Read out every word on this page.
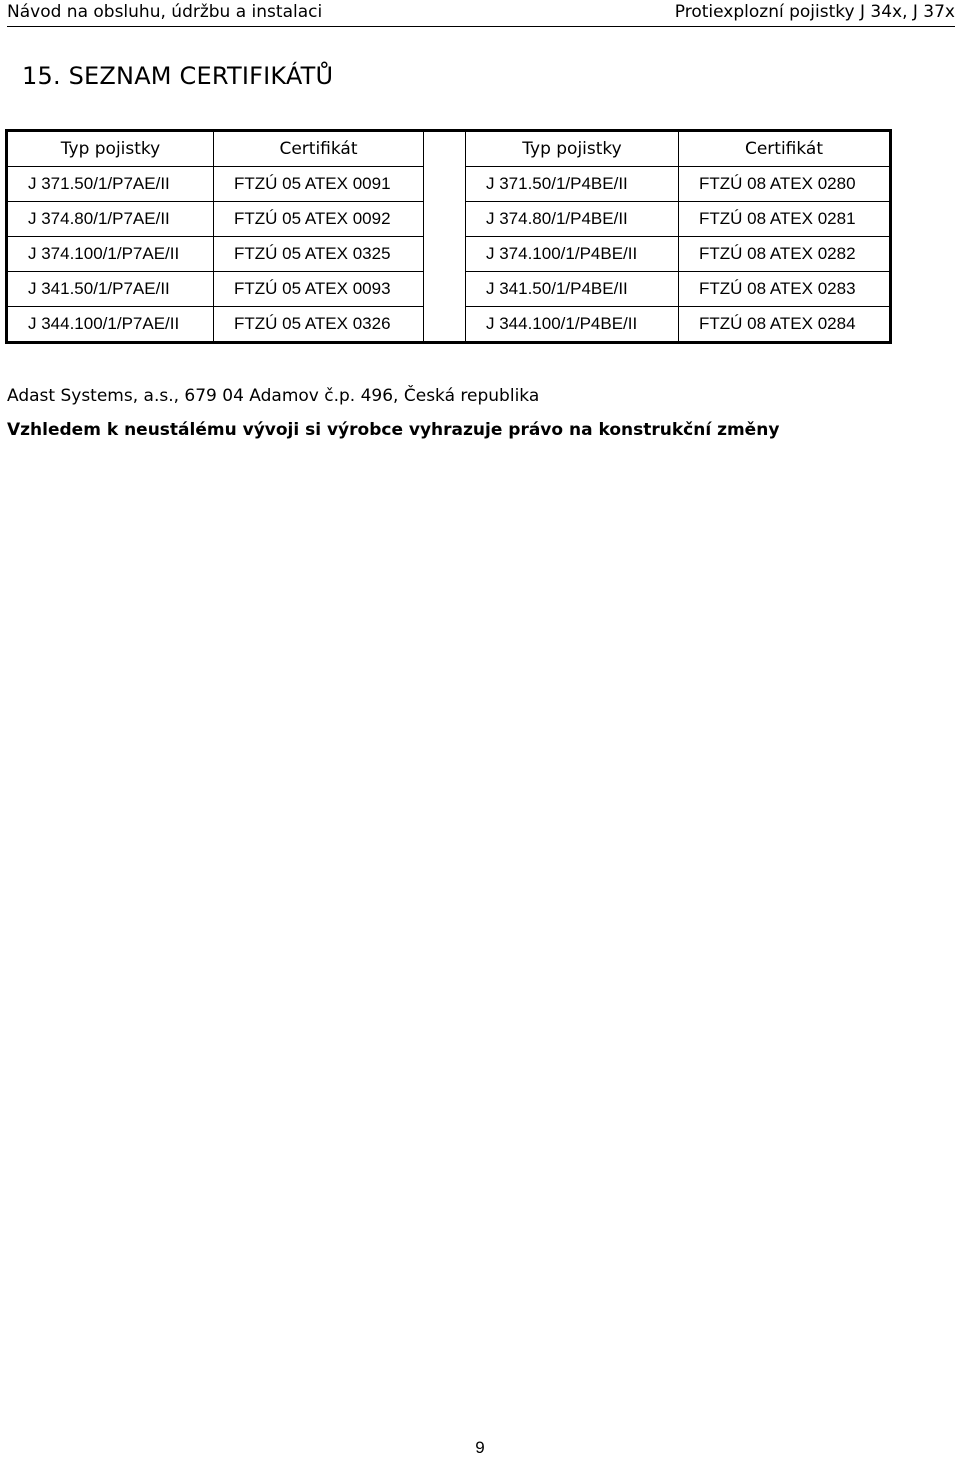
Návod na obsluhu, údržbu a instalaci	Protiexplozní pojistky J 34x, J 37x
15. SEZNAM CERTIFIKÁTŮ
Typ pojistky	Certifikát		Typ pojistky	Certifikát
J 371.50/1/P7AE/II	FTZÚ 05 ATEX 0091		J 371.50/1/P4BE/II	FTZÚ 08 ATEX 0280
J 374.80/1/P7AE/II	FTZÚ 05 ATEX 0092		J 374.80/1/P4BE/II	FTZÚ 08 ATEX 0281
J 374.100/1/P7AE/II	FTZÚ 05 ATEX 0325		J 374.100/1/P4BE/II	FTZÚ 08 ATEX 0282
J 341.50/1/P7AE/II	FTZÚ 05 ATEX 0093		J 341.50/1/P4BE/II	FTZÚ 08 ATEX 0283
J 344.100/1/P7AE/II	FTZÚ 05 ATEX 0326		J 344.100/1/P4BE/II	FTZÚ 08 ATEX 0284
Adast Systems, a.s., 679 04 Adamov č.p. 496, Česká republika
Vzhledem k neustálému vývoji si výrobce vyhrazuje právo na konstrukční změny
9
